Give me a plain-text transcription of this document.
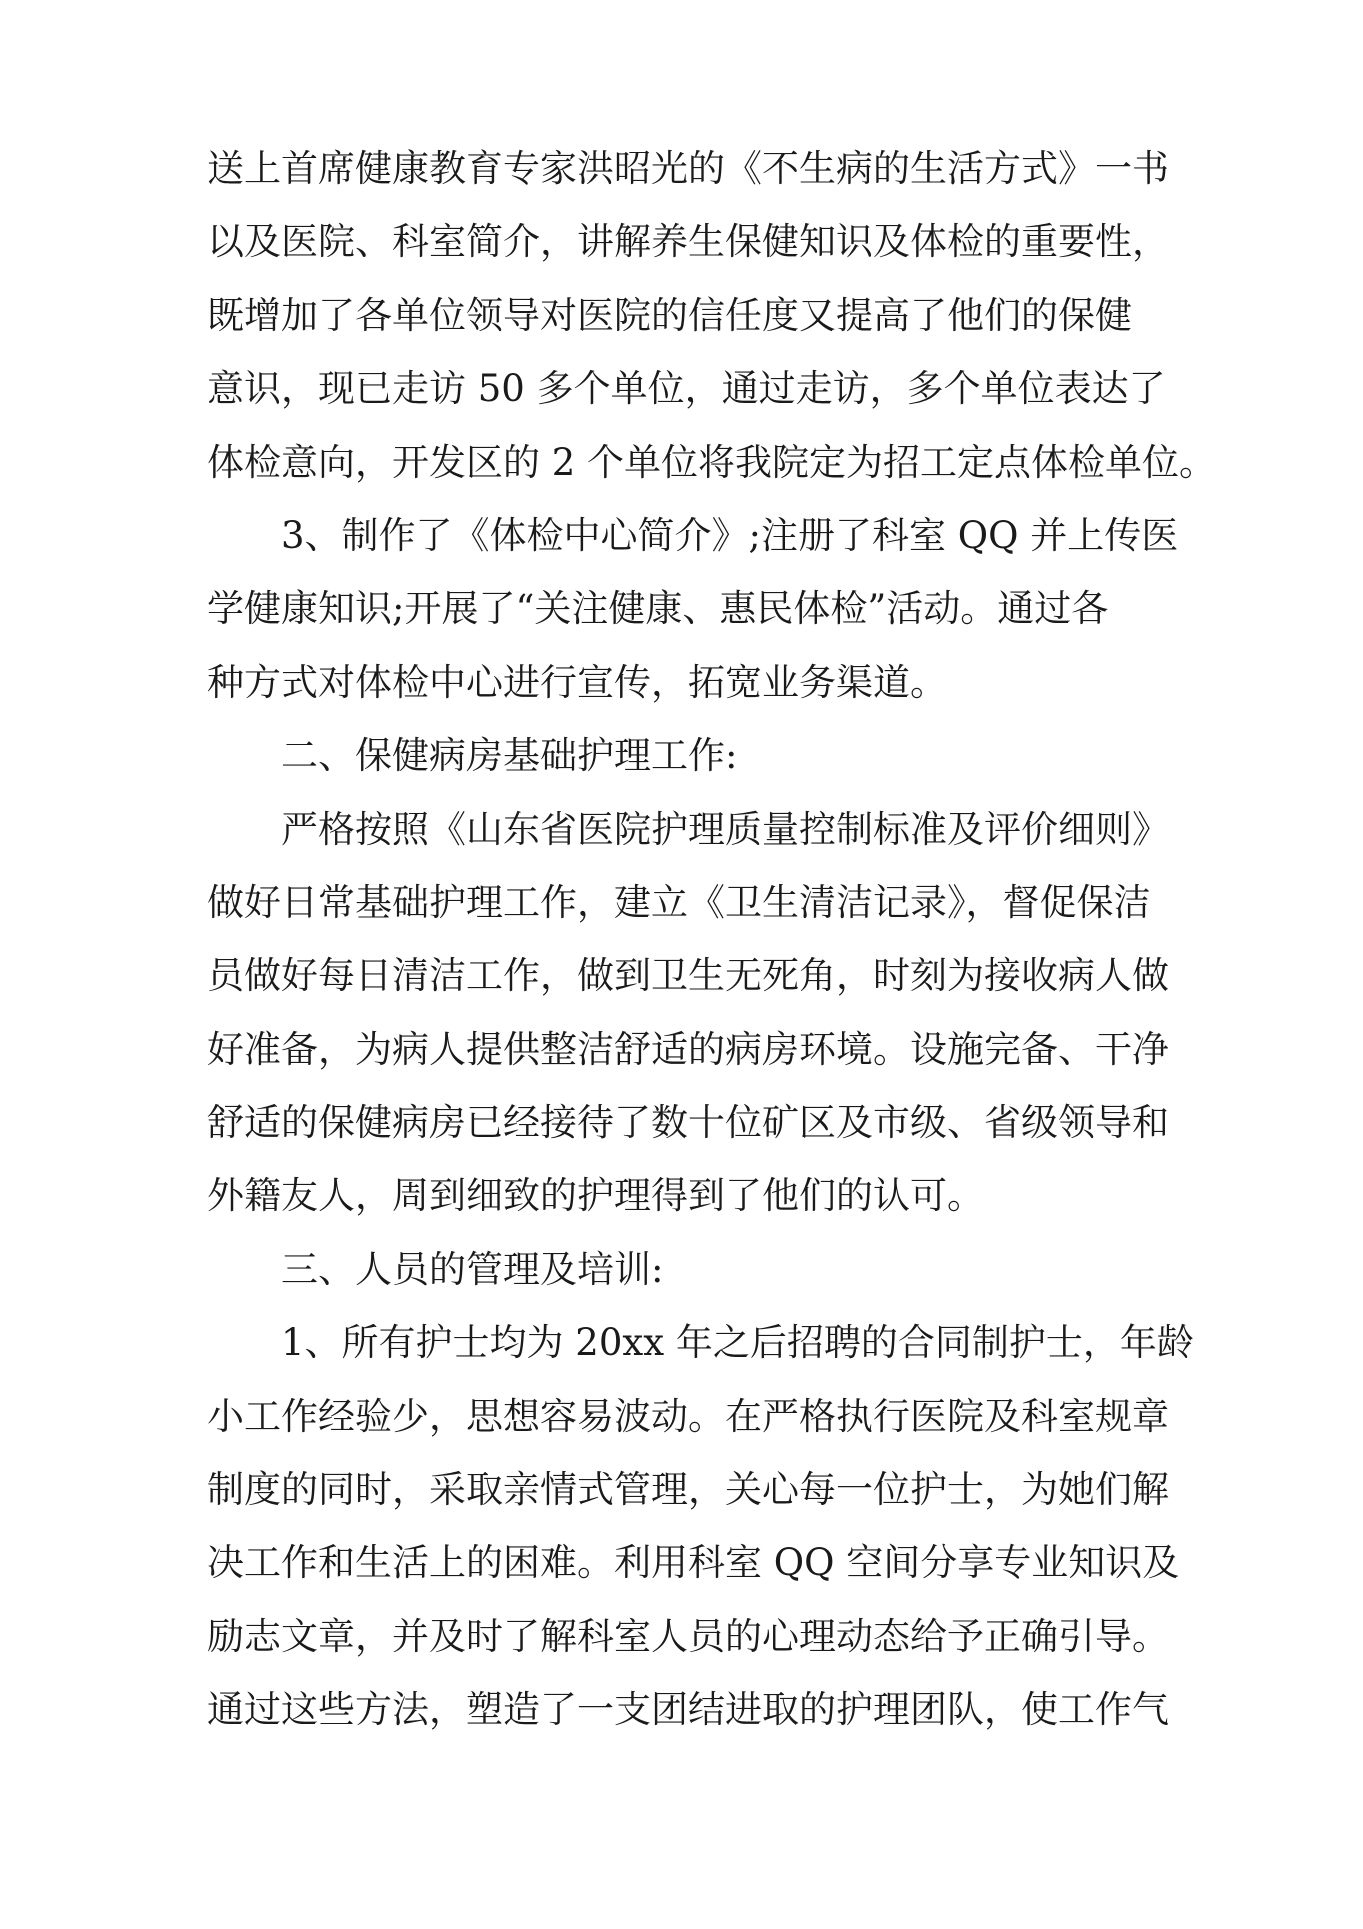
送上首席健康教育专家洪昭光的《不生病的生活方式》一书
以及医院、科室简介，讲解养生保健知识及体检的重要性，
既增加了各单位领导对医院的信任度又提高了他们的保健
意识，现已走访 50 多个单位，通过走访，多个单位表达了
体检意向，开发区的 2 个单位将我院定为招工定点体检单位。
3、制作了《体检中心简介》;注册了科室 QQ 并上传医
学健康知识;开展了“关注健康、惠民体检”活动。通过各
种方式对体检中心进行宣传，拓宽业务渠道。
二、保健病房基础护理工作:
严格按照《山东省医院护理质量控制标准及评价细则》
做好日常基础护理工作，建立《卫生清洁记录》，督促保洁
员做好每日清洁工作，做到卫生无死角，时刻为接收病人做
好准备，为病人提供整洁舒适的病房环境。设施完备、干净
舒适的保健病房已经接待了数十位矿区及市级、省级领导和
外籍友人，周到细致的护理得到了他们的认可。
三、人员的管理及培训:
1、所有护士均为 20xx 年之后招聘的合同制护士，年龄
小工作经验少，思想容易波动。在严格执行医院及科室规章
制度的同时，采取亲情式管理，关心每一位护士，为她们解
决工作和生活上的困难。利用科室 QQ 空间分享专业知识及
励志文章，并及时了解科室人员的心理动态给予正确引导。
通过这些方法，塑造了一支团结进取的护理团队，使工作气
